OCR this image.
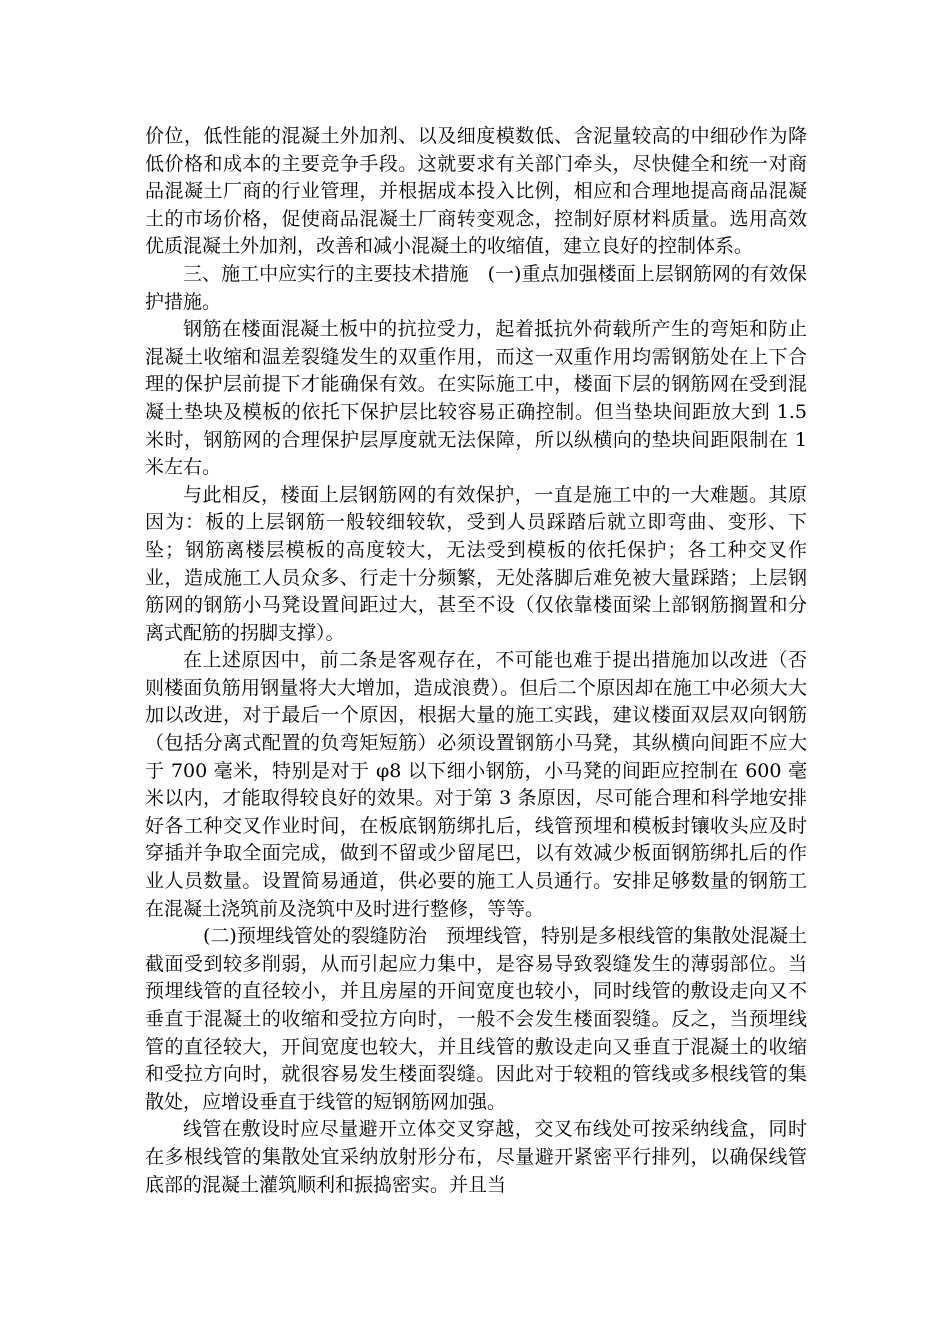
价位，低性能的混凝土外加剂、以及细度模数低、含泥量较高的中细砂作为降低价格和成本的主要竞争手段。这就要求有关部门牵头，尽快健全和统一对商品混凝土厂商的行业管理，并根据成本投入比例，相应和合理地提高商品混凝土的市场价格，促使商品混凝土厂商转变观念，控制好原材料质量。选用高效优质混凝土外加剂，改善和减小混凝土的收缩值，建立良好的控制体系。

三、施工中应实行的主要技术措施　(一)重点加强楼面上层钢筋网的有效保护措施。

钢筋在楼面混凝土板中的抗拉受力，起着抵抗外荷载所产生的弯矩和防止混凝土收缩和温差裂缝发生的双重作用，而这一双重作用均需钢筋处在上下合理的保护层前提下才能确保有效。在实际施工中，楼面下层的钢筋网在受到混凝土垫块及模板的依托下保护层比较容易正确控制。但当垫块间距放大到 1.5 米时，钢筋网的合理保护层厚度就无法保障，所以纵横向的垫块间距限制在 1 米左右。

与此相反，楼面上层钢筋网的有效保护，一直是施工中的一大难题。其原因为：板的上层钢筋一般较细较软，受到人员踩踏后就立即弯曲、变形、下坠；钢筋离楼层模板的高度较大，无法受到模板的依托保护；各工种交叉作业，造成施工人员众多、行走十分频繁，无处落脚后难免被大量踩踏；上层钢筋网的钢筋小马凳设置间距过大，甚至不设（仅依靠楼面梁上部钢筋搁置和分离式配筋的拐脚支撑）。

在上述原因中，前二条是客观存在，不可能也难于提出措施加以改进（否则楼面负筋用钢量将大大增加，造成浪费）。但后二个原因却在施工中必须大大加以改进，对于最后一个原因，根据大量的施工实践，建议楼面双层双向钢筋（包括分离式配置的负弯矩短筋）必须设置钢筋小马凳，其纵横向间距不应大于 700 毫米，特别是对于 φ8 以下细小钢筋，小马凳的间距应控制在 600 毫米以内，才能取得较良好的效果。对于第 3 条原因，尽可能合理和科学地安排好各工种交叉作业时间，在板底钢筋绑扎后，线管预埋和模板封镶收头应及时穿插并争取全面完成，做到不留或少留尾巴，以有效减少板面钢筋绑扎后的作业人员数量。设置简易通道，供必要的施工人员通行。安排足够数量的钢筋工在混凝土浇筑前及浇筑中及时进行整修，等等。

(二)预埋线管处的裂缝防治　预埋线管，特别是多根线管的集散处混凝土截面受到较多削弱，从而引起应力集中，是容易导致裂缝发生的薄弱部位。当预埋线管的直径较小，并且房屋的开间宽度也较小，同时线管的敷设走向又不垂直于混凝土的收缩和受拉方向时，一般不会发生楼面裂缝。反之，当预埋线管的直径较大，开间宽度也较大，并且线管的敷设走向又垂直于混凝土的收缩和受拉方向时，就很容易发生楼面裂缝。因此对于较粗的管线或多根线管的集散处，应增设垂直于线管的短钢筋网加强。

线管在敷设时应尽量避开立体交叉穿越，交叉布线处可按采纳线盒，同时在多根线管的集散处宜采纳放射形分布，尽量避开紧密平行排列，以确保线管底部的混凝土灌筑顺利和振捣密实。并且当
